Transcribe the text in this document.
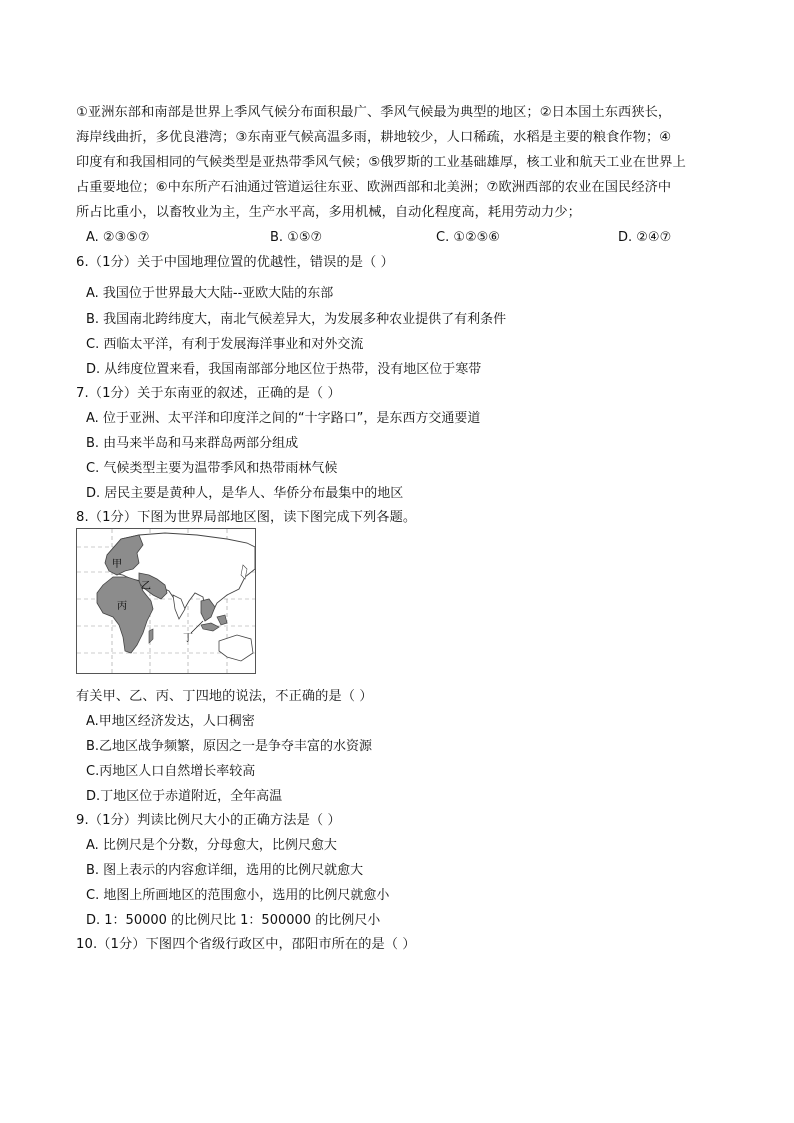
①亚洲东部和南部是世界上季风气候分布面积最广、季风气候最为典型的地区；②日本国土东西狭长，
海岸线曲折，多优良港湾；③东南亚气候高温多雨，耕地较少，人口稀疏，水稻是主要的粮食作物；④
印度有和我国相同的气候类型是亚热带季风气候；⑤俄罗斯的工业基础雄厚，核工业和航天工业在世界上
占重要地位；⑥中东所产石油通过管道运往东亚、欧洲西部和北美洲；⑦欧洲西部的农业在国民经济中
所占比重小，以畜牧业为主，生产水平高，多用机械，自动化程度高，耗用劳动力少；
A. ②③⑤⑦	B. ①⑤⑦	C. ①②⑤⑥	D. ②④⑦
6.（1分）关于中国地理位置的优越性，错误的是（ ）
A. 我国位于世界最大大陆--亚欧大陆的东部
B. 我国南北跨纬度大，南北气候差异大，为发展多种农业提供了有利条件
C. 西临太平洋，有利于发展海洋事业和对外交流
D. 从纬度位置来看，我国南部部分地区位于热带，没有地区位于寒带
7.（1分）关于东南亚的叙述，正确的是（ ）
A. 位于亚洲、太平洋和印度洋之间的“十字路口”，是东西方交通要道
B. 由马来半岛和马来群岛两部分组成
C. 气候类型主要为温带季风和热带雨林气候
D. 居民主要是黄种人，是华人、华侨分布最集中的地区
8.（1分）下图为世界局部地区图，读下图完成下列各题。
甲
乙
丙
丁
有关甲、乙、丙、丁四地的说法，不正确的是（ ）
A.甲地区经济发达，人口稠密
B.乙地区战争频繁，原因之一是争夺丰富的水资源
C.丙地区人口自然增长率较高
D.丁地区位于赤道附近，全年高温
9.（1分）判读比例尺大小的正确方法是（ ）
A. 比例尺是个分数，分母愈大，比例尺愈大
B. 图上表示的内容愈详细，选用的比例尺就愈大
C. 地图上所画地区的范围愈小，选用的比例尺就愈小
D. 1：50000 的比例尺比 1：500000 的比例尺小
10.（1分）下图四个省级行政区中，邵阳市所在的是（ ）
